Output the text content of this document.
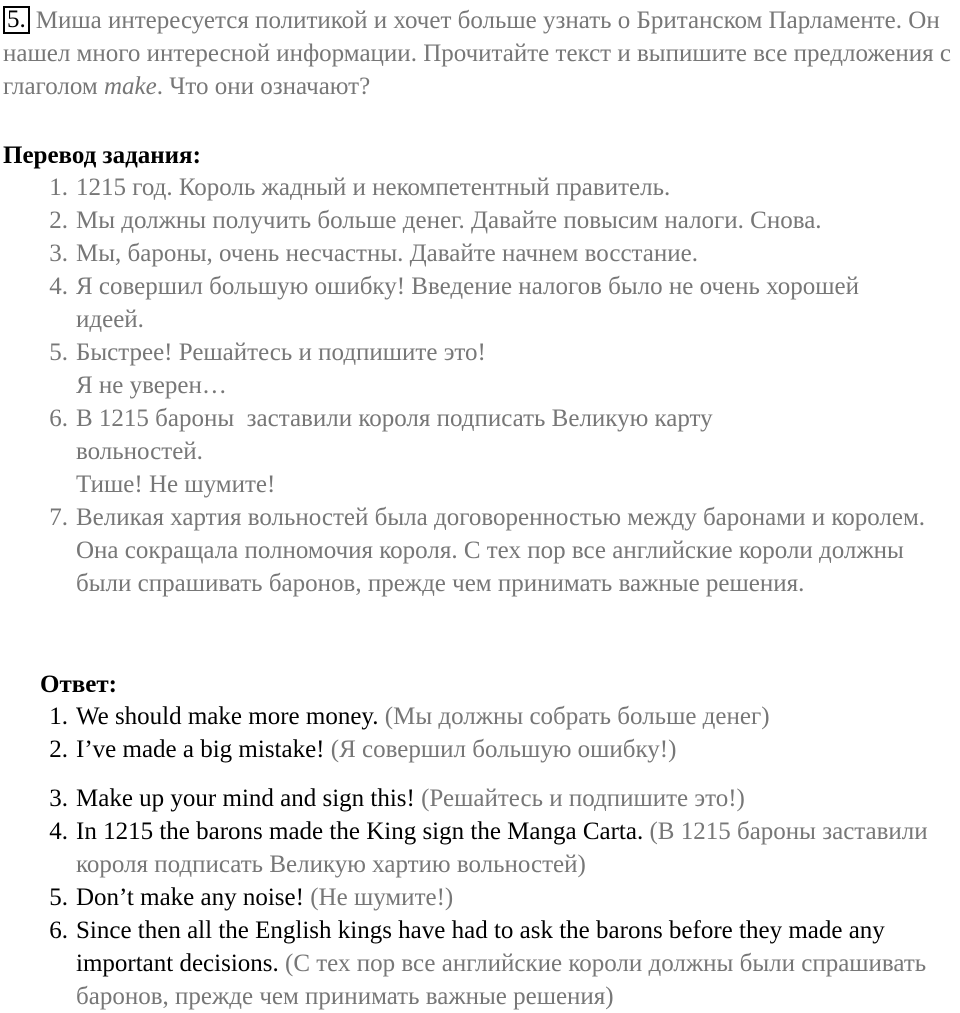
5. Миша интересуется политикой и хочет больше узнать о Британском Парламенте. Он нашел много интересной информации. Прочитайте текст и выпишите все предложения с глаголом make. Что они означают?
Перевод задания:
1. 1215 год. Король жадный и некомпетентный правитель.
2. Мы должны получить больше денег. Давайте повысим налоги. Снова.
3. Мы, бароны, очень несчастны. Давайте начнем восстание.
4. Я совершил большую ошибку! Введение налогов было не очень хорошей идеей.
5. Быстрее! Решайтесь и подпишите это!
Я не уверен…
6. В 1215 бароны  заставили короля подписать Великую карту вольностей.
Тише! Не шумите!
7. Великая хартия вольностей была договоренностью между баронами и королем. Она сокращала полномочия короля. С тех пор все английские короли должны были спрашивать баронов, прежде чем принимать важные решения.
Ответ:
1. We should make more money. (Мы должны собрать больше денег)
2. I’ve made a big mistake! (Я совершил большую ошибку!)
3. Make up your mind and sign this! (Решайтесь и подпишите это!)
4. In 1215 the barons made the King sign the Manga Carta. (В 1215 бароны заставили короля подписать Великую хартию вольностей)
5. Don’t make any noise! (Не шумите!)
6. Since then all the English kings have had to ask the barons before they made any important decisions. (С тех пор все английские короли должны были спрашивать баронов, прежде чем принимать важные решения)
